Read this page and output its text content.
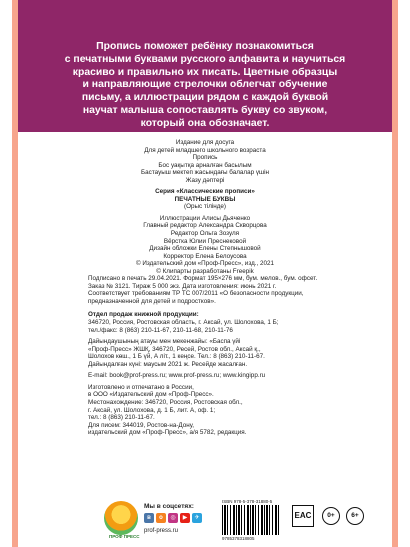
Пропись поможет ребёнку познакомиться

с печатными буквами русского алфавита и научиться

красиво и правильно их писать. Цветные образцы

и направляющие стрелочки облегчат обучение

письму, а иллюстрации рядом с каждой буквой

научат малыша сопоставлять букву со звуком,

который она обозначает.

Издание для досуга
Для детей младшего школьного возраста
Пропись
Бос уақытқа арналған басылым
Бастауыш мектеп жасындағы балалар үшін
Жазу дәптері
Серия «Классические прописи»
ПЕЧАТНЫЕ БУКВЫ
(Орыс тілінде)
Иллюстрации Алисы Дьяченко
Главный редактор Александра Скворцова
Редактор Ольга Зозуля
Вёрстка Юлии Преснековой
Дизайн обложки Елены Степнышовой
Корректор Елена Белоусова
© Издательский дом «Проф-Пресс», изд., 2021
© Клипарты разработаны Freepik
Подписано в печать 29.04.2021. Формат 195×276 мм, бум. мелов., бум. офсет.
Заказ № 3121. Тираж 5 000 экз. Дата изготовления: июнь 2021 г.
Соответствует требованиям ТР ТС 007/2011 «О безопасности продукции,
предназначенной для детей и подростков».
Отдел продаж книжной продукции:
346720, Россия, Ростовская область, г. Аксай, ул. Шолохова, 1 Б;
тел./факс: 8 (863) 210-11-67, 210-11-68, 210-11-76
Дайындаушының атауы мен мекенжайы: «Баспа үйі
«Проф-Пресс» ЖШҚ, 346720, Ресей, Ростов обл., Аксай қ.,
Шолохов көш., 1 Б үй, А літ., 1 кеңсе. Тел.: 8 (863) 210-11-67.
Дайындалған күні: маусым 2021 ж. Ресейде жасалған.
E-mail: book@prof-press.ru; www.prof-press.ru; www.kingipp.ru
Изготовлено и отпечатано в России,
в ООО «Издательский дом «Проф-Пресс».
Местонахождение: 346720, Россия, Ростовская обл.,
г. Аксай, ул. Шолохова, д. 1 Б, лит. А, оф. 1;
тел.: 8 (863) 210-11-67.
Для писем: 344019, Ростов-на-Дону,
издательский дом «Проф-Пресс», а/я 5782, редакция.
ПРОФ ПРЕСС
Мы в соцсетях:
в	о	◎	▶	✈
prof-press.ru
ISBN 978-5-378-31880-5
9785378318805
EAC	0+	6+
